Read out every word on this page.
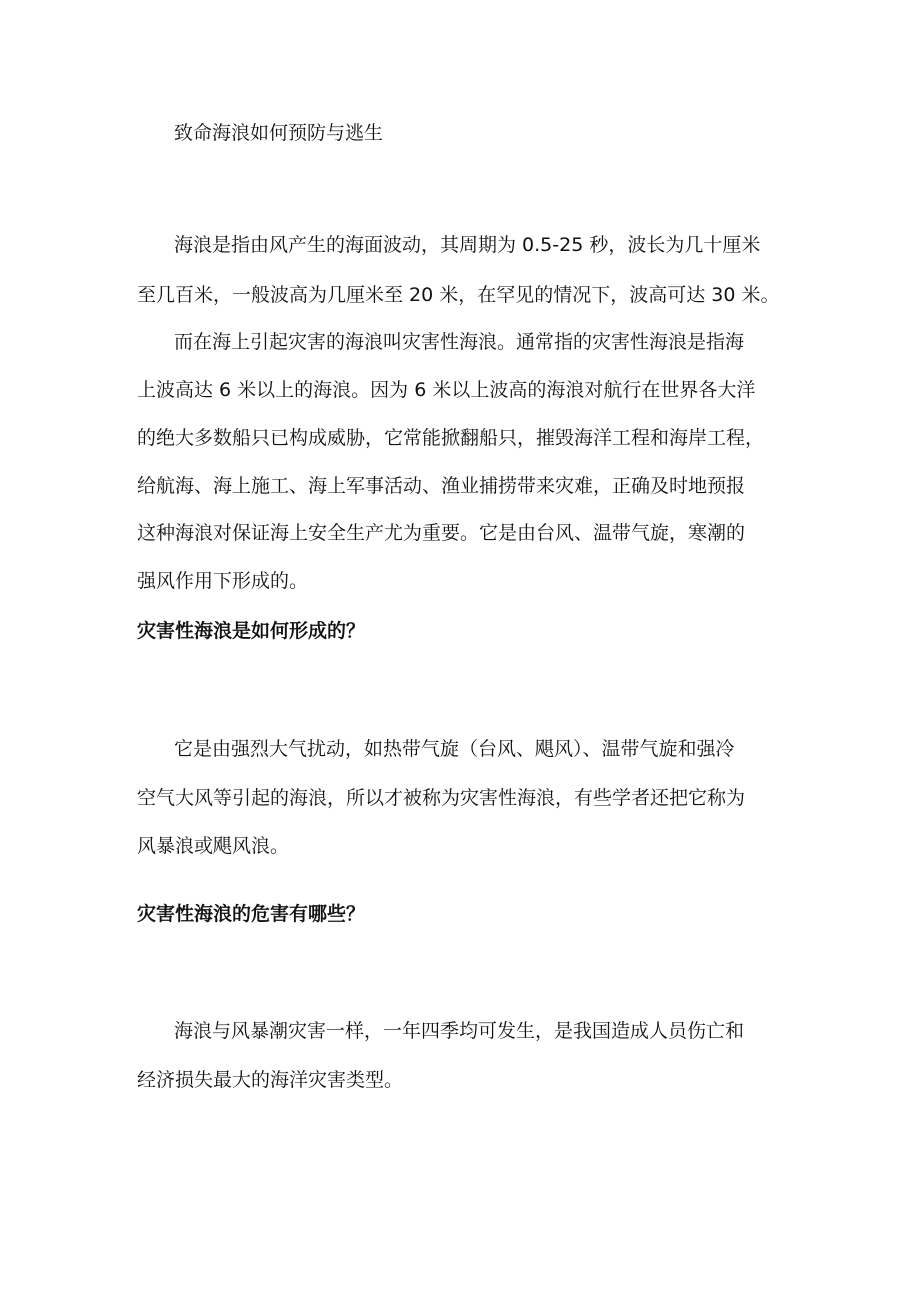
致命海浪如何预防与逃生

海浪是指由风产生的海面波动，其周期为 0.5-25 秒，波长为几十厘米

至几百米，一般波高为几厘米至 20 米，在罕见的情况下，波高可达 30 米。

而在海上引起灾害的海浪叫灾害性海浪。通常指的灾害性海浪是指海

上波高达 6 米以上的海浪。因为 6 米以上波高的海浪对航行在世界各大洋

的绝大多数船只已构成威胁，它常能掀翻船只，摧毁海洋工程和海岸工程，

给航海、海上施工、海上军事活动、渔业捕捞带来灾难，正确及时地预报

这种海浪对保证海上安全生产尤为重要。它是由台风、温带气旋，寒潮的

强风作用下形成的。

灾害性海浪是如何形成的？

它是由强烈大气扰动，如热带气旋（台风、飓风）、温带气旋和强冷

空气大风等引起的海浪，所以才被称为灾害性海浪，有些学者还把它称为

风暴浪或飓风浪。

灾害性海浪的危害有哪些？

海浪与风暴潮灾害一样，一年四季均可发生，是我国造成人员伤亡和

经济损失最大的海洋灾害类型。
